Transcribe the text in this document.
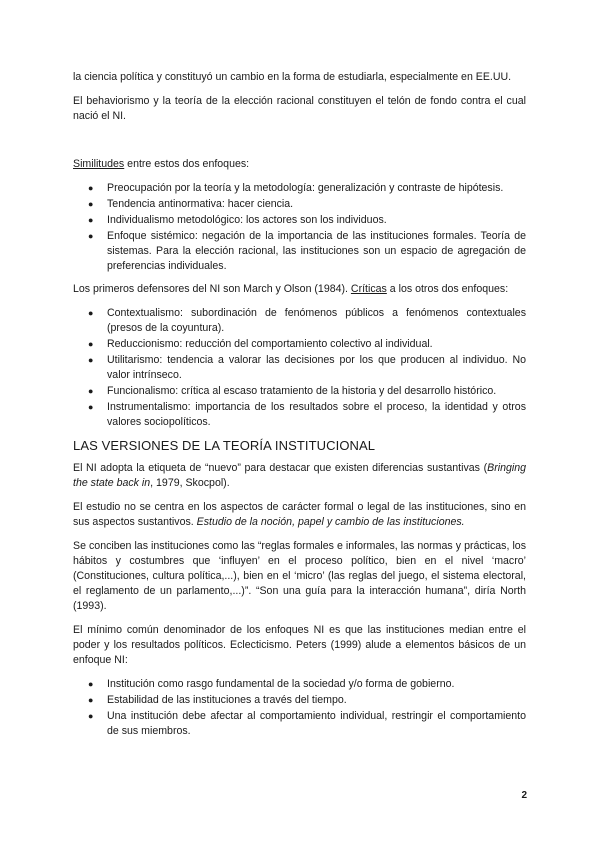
la ciencia política y constituyó un cambio en la forma de estudiarla, especialmente en EE.UU.

El behaviorismo y la teoría de la elección racional constituyen el telón de fondo contra el cual nació el NI.

Similitudes entre estos dos enfoques:

● Preocupación por la teoría y la metodología: generalización y contraste de hipótesis.
● Tendencia antinormativa: hacer ciencia.
● Individualismo metodológico: los actores son los individuos.
● Enfoque sistémico: negación de la importancia de las instituciones formales. Teoría de sistemas. Para la elección racional, las instituciones son un espacio de agregación de preferencias individuales.

Los primeros defensores del NI son March y Olson (1984). Críticas a los otros dos enfoques:

● Contextualismo: subordinación de fenómenos públicos a fenómenos contextuales (presos de la coyuntura).
● Reduccionismo: reducción del comportamiento colectivo al individual.
● Utilitarismo: tendencia a valorar las decisiones por los que producen al individuo. No valor intrínseco.
● Funcionalismo: crítica al escaso tratamiento de la historia y del desarrollo histórico.
● Instrumentalismo: importancia de los resultados sobre el proceso, la identidad y otros valores sociopolíticos.
LAS VERSIONES DE LA TEORÍA INSTITUCIONAL

El NI adopta la etiqueta de “nuevo” para destacar que existen diferencias sustantivas (Bringing the state back in, 1979, Skocpol).

El estudio no se centra en los aspectos de carácter formal o legal de las instituciones, sino en sus aspectos sustantivos. Estudio de la noción, papel y cambio de las instituciones.

Se conciben las instituciones como las “reglas formales e informales, las normas y prácticas, los hábitos y costumbres que ‘influyen’ en el proceso político, bien en el nivel ‘macro’ (Constituciones, cultura política,...), bien en el ‘micro’ (las reglas del juego, el sistema electoral, el reglamento de un parlamento,...)”. “Son una guía para la interacción humana”, diría North (1993).

El mínimo común denominador de los enfoques NI es que las instituciones median entre el poder y los resultados políticos. Eclecticismo. Peters (1999) alude a elementos básicos de un enfoque NI:

● Institución como rasgo fundamental de la sociedad y/o forma de gobierno.
● Estabilidad de las instituciones a través del tiempo.
● Una institución debe afectar al comportamiento individual, restringir el comportamiento de sus miembros.
2
